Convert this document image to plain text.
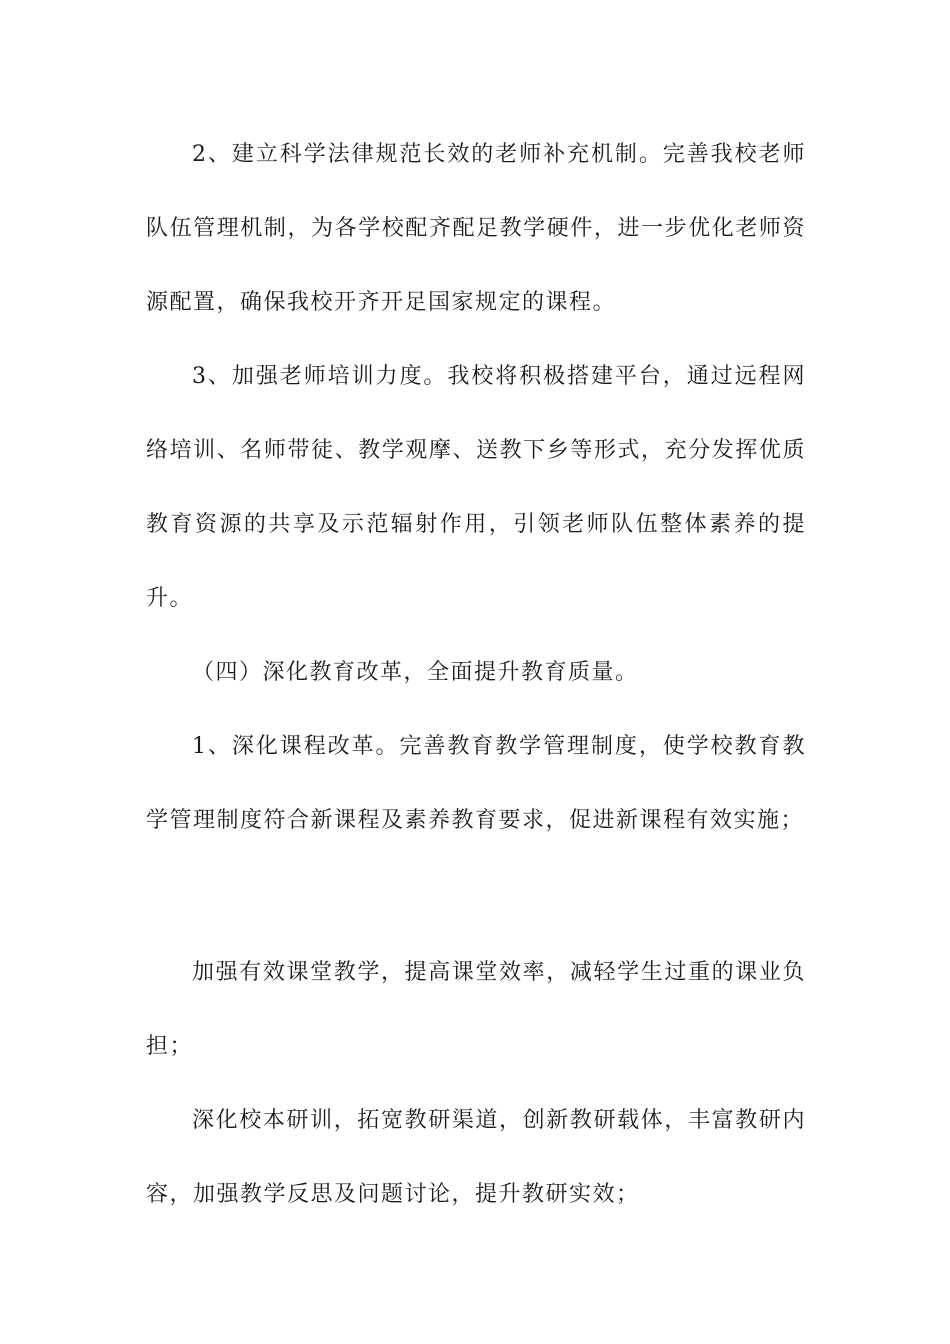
2、建立科学法律规范长效的老师补充机制。完善我校老师队伍管理机制，为各学校配齐配足教学硬件，进一步优化老师资源配置，确保我校开齐开足国家规定的课程。

3、加强老师培训力度。我校将积极搭建平台，通过远程网络培训、名师带徒、教学观摩、送教下乡等形式，充分发挥优质教育资源的共享及示范辐射作用，引领老师队伍整体素养的提升。

（四）深化教育改革，全面提升教育质量。

1、深化课程改革。完善教育教学管理制度，使学校教育教学管理制度符合新课程及素养教育要求，促进新课程有效实施；

加强有效课堂教学，提高课堂效率，减轻学生过重的课业负担；

深化校本研训，拓宽教研渠道，创新教研载体，丰富教研内容，加强教学反思及问题讨论，提升教研实效；
